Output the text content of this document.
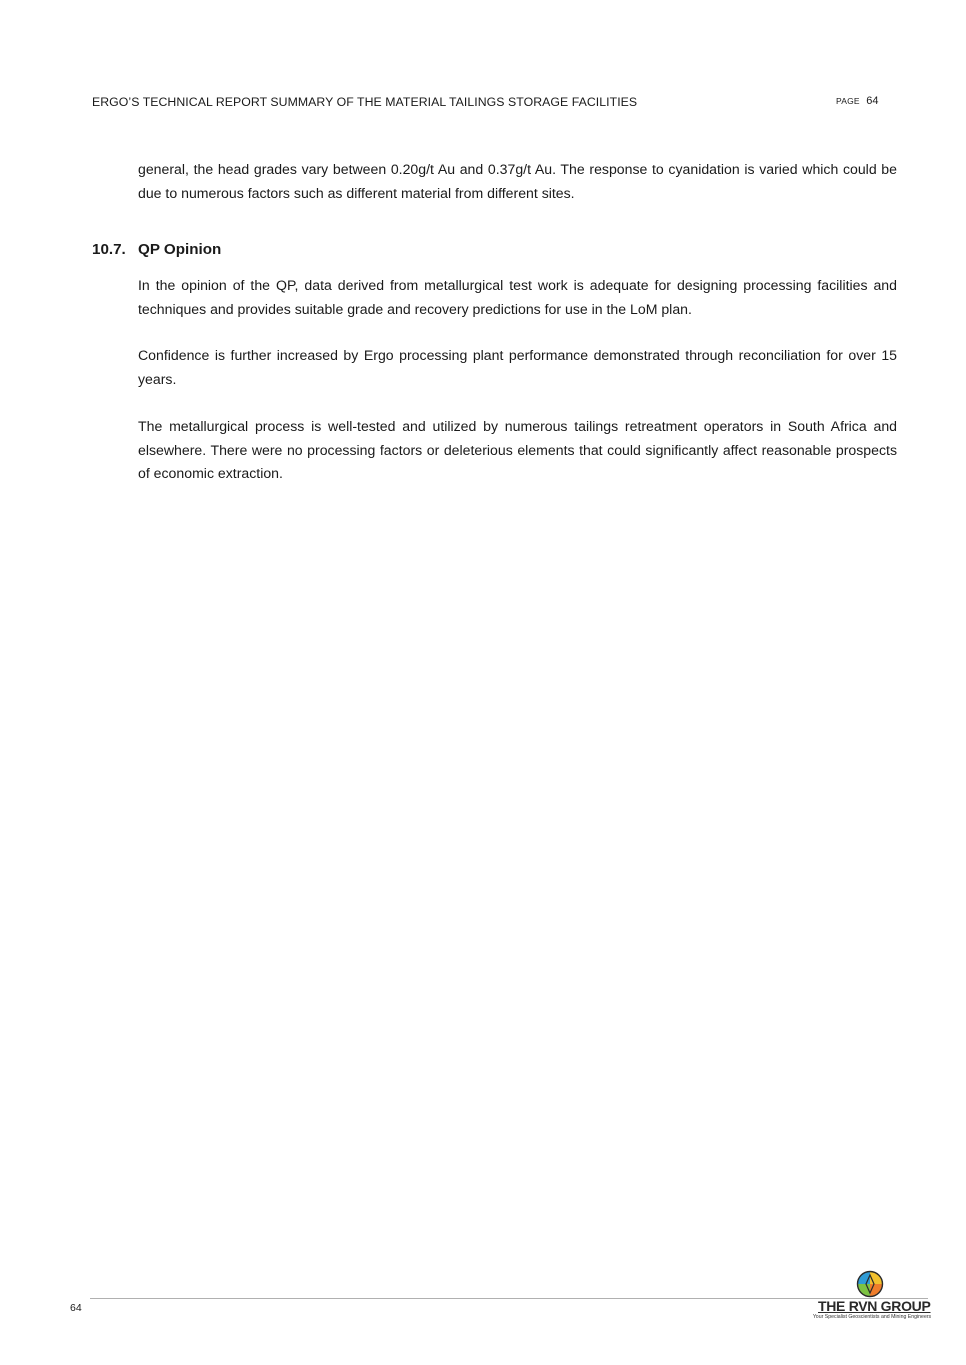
ERGO’S TECHNICAL REPORT SUMMARY OF THE MATERIAL TAILINGS STORAGE FACILITIES	PAGE 64

general, the head grades vary between 0.20g/t Au and 0.37g/t Au. The response to cyanidation is varied which could be due to numerous factors such as different material from different sites.

10.7. QP Opinion

In the opinion of the QP, data derived from metallurgical test work is adequate for designing processing facilities and techniques and provides suitable grade and recovery predictions for use in the LoM plan.

Confidence is further increased by Ergo processing plant performance demonstrated through reconciliation for over 15 years.

The metallurgical process is well-tested and utilized by numerous tailings retreatment operators in South Africa and elsewhere. There were no processing factors or deleterious elements that could significantly affect reasonable prospects of economic extraction.

64	THE RVN GROUP
Your Specialist Geoscientists and Mining Engineers
